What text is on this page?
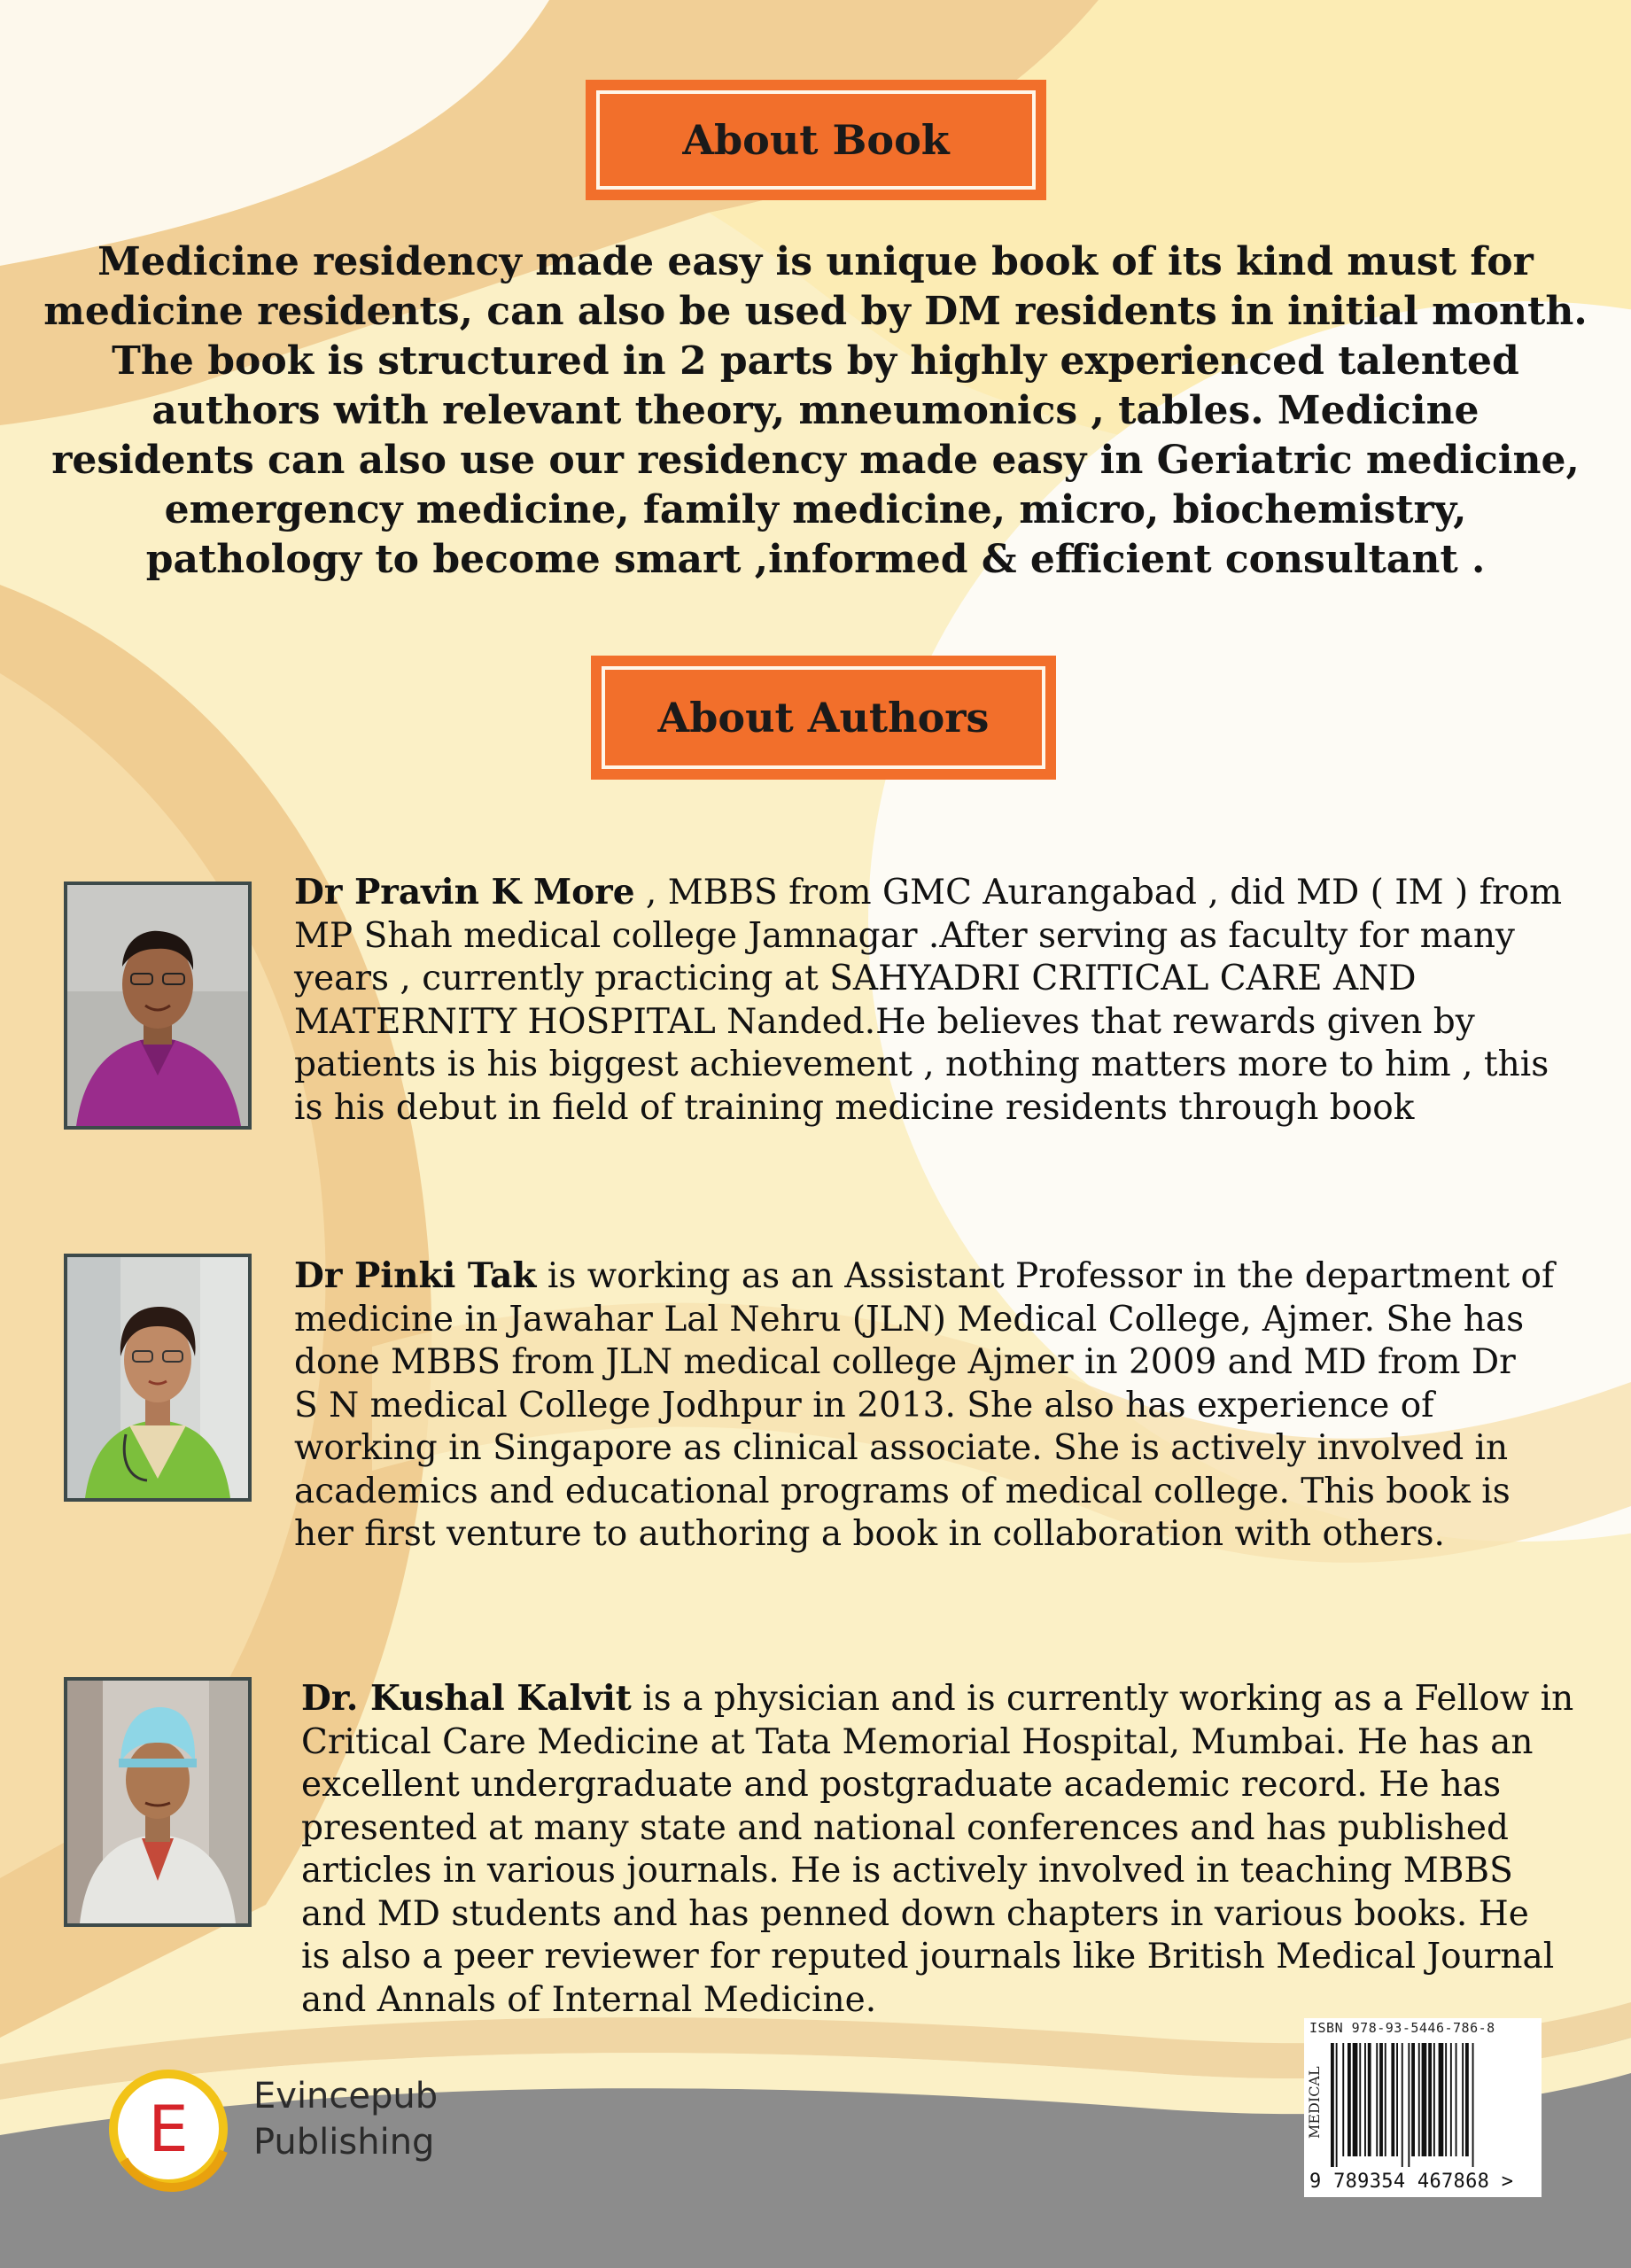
About Book
Medicine residency made easy is unique book of its kind must for
medicine residents, can also be used by DM residents in initial month.
The book is structured in 2 parts by highly experienced talented
authors with relevant theory, mneumonics , tables. Medicine
residents can also use our residency made easy in Geriatric medicine,
emergency medicine, family medicine, micro, biochemistry,
pathology to become smart ,informed & efficient consultant .
About Authors
Dr Pravin K More , MBBS from GMC Aurangabad , did MD ( IM ) from
MP Shah medical college Jamnagar .After serving as faculty for many
years , currently practicing at SAHYADRI CRITICAL CARE AND
MATERNITY HOSPITAL Nanded.He believes that rewards given by
patients is his biggest achievement , nothing matters more to him , this
is his debut in field of training medicine residents through book
Dr Pinki Tak is working as an Assistant Professor in the department of
medicine in Jawahar Lal Nehru (JLN) Medical College, Ajmer. She has
done MBBS from JLN medical college Ajmer in 2009 and MD from Dr
S N medical College Jodhpur in 2013. She also has experience of
working in Singapore as clinical associate. She is actively involved in
academics and educational programs of medical college. This book is
her first venture to authoring a book in collaboration with others.
Dr. Kushal Kalvit is a physician and is currently working as a Fellow in
Critical Care Medicine at Tata Memorial Hospital, Mumbai. He has an
excellent undergraduate and postgraduate academic record. He has
presented at many state and national conferences and has published
articles in various journals. He is actively involved in teaching MBBS
and MD students and has penned down chapters in various books. He
is also a peer reviewer for reputed journals like British Medical Journal
and Annals of Internal Medicine.
E Evincepub
Publishing
ISBN 978-93-5446-786-8
MEDICAL
9 789354 467868 >
